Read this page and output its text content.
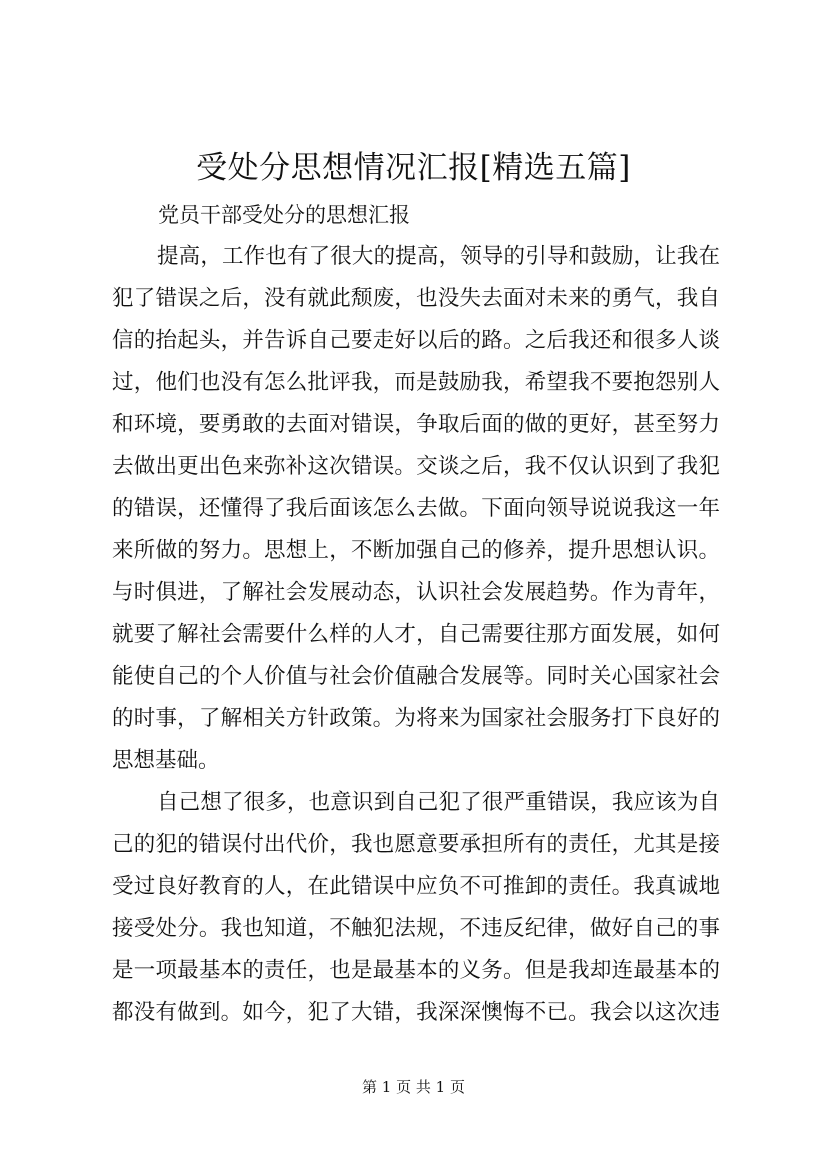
受处分思想情况汇报[精选五篇]
党员干部受处分的思想汇报
提高，工作也有了很大的提高，领导的引导和鼓励，让我在
犯了错误之后，没有就此颓废，也没失去面对未来的勇气，我自
信的抬起头，并告诉自己要走好以后的路。之后我还和很多人谈
过，他们也没有怎么批评我，而是鼓励我，希望我不要抱怨别人
和环境，要勇敢的去面对错误，争取后面的做的更好，甚至努力
去做出更出色来弥补这次错误。交谈之后，我不仅认识到了我犯
的错误，还懂得了我后面该怎么去做。下面向领导说说我这一年
来所做的努力。思想上，不断加强自己的修养，提升思想认识。
与时俱进，了解社会发展动态，认识社会发展趋势。作为青年，
就要了解社会需要什么样的人才，自己需要往那方面发展，如何
能使自己的个人价值与社会价值融合发展等。同时关心国家社会
的时事，了解相关方针政策。为将来为国家社会服务打下良好的
思想基础。
自己想了很多，也意识到自己犯了很严重错误，我应该为自
己的犯的错误付出代价，我也愿意要承担所有的责任，尤其是接
受过良好教育的人，在此错误中应负不可推卸的责任。我真诚地
接受处分。我也知道，不触犯法规，不违反纪律，做好自己的事
是一项最基本的责任，也是最基本的义务。但是我却连最基本的
都没有做到。如今，犯了大错，我深深懊悔不已。我会以这次违
第 1 页 共 1 页
